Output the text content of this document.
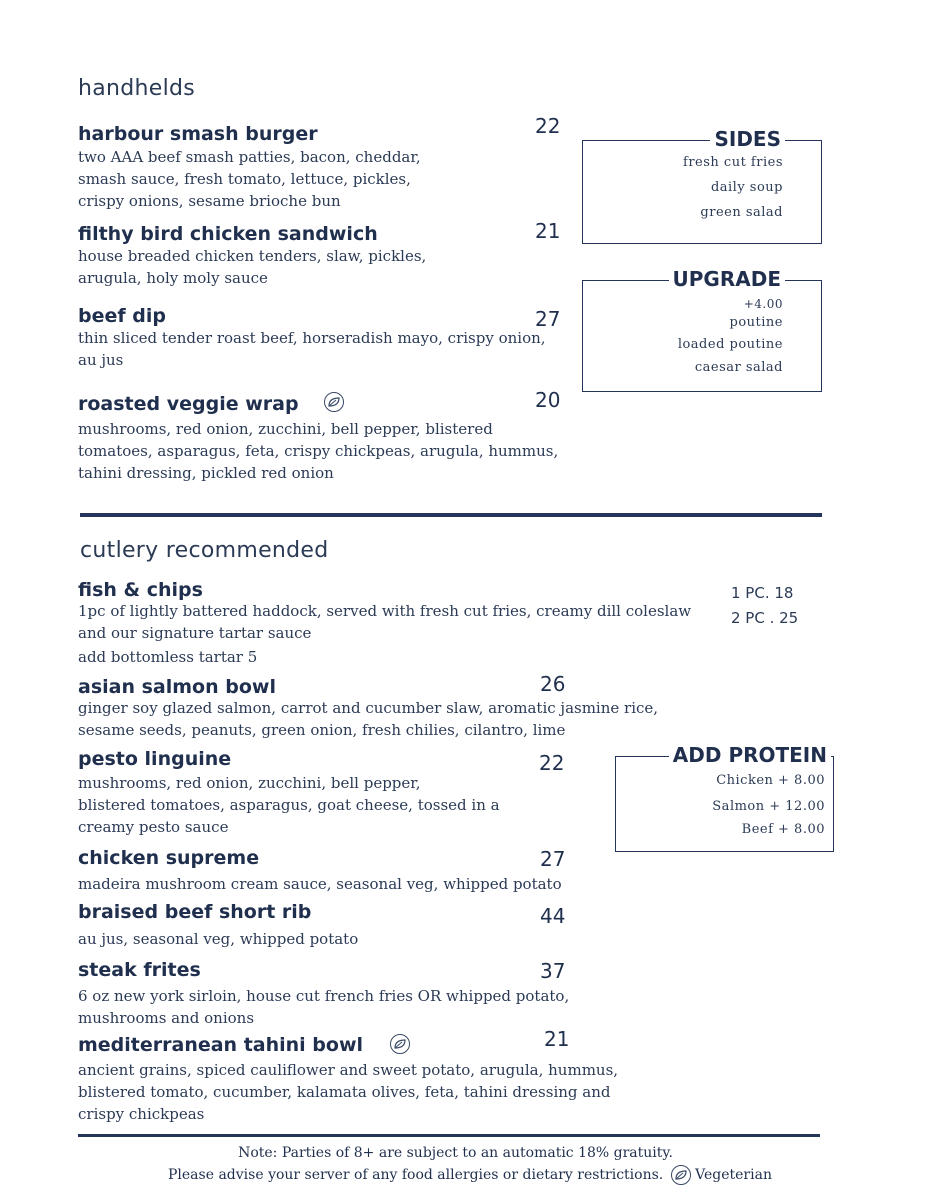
handhelds
harbour smash burger	22
two AAA beef smash patties, bacon, cheddar,
smash sauce, fresh tomato, lettuce, pickles,
crispy onions, sesame brioche bun
filthy bird chicken sandwich	21
house breaded chicken tenders, slaw, pickles,
arugula, holy moly sauce
beef dip	27
thin sliced tender roast beef, horseradish mayo, crispy onion,
au jus
roasted veggie wrap	20
mushrooms, red onion, zucchini, bell pepper, blistered
tomatoes, asparagus, feta, crispy chickpeas, arugula, hummus,
tahini dressing, pickled red onion
SIDES
fresh cut fries
daily soup
green salad
UPGRADE
+4.00
poutine
loaded poutine
caesar salad
cutlery recommended
fish & chips	1 PC. 18
2 PC . 25
1pc of lightly battered haddock, served with fresh cut fries, creamy dill coleslaw
and our signature tartar sauce
add bottomless tartar 5
asian salmon bowl	26
ginger soy glazed salmon, carrot and cucumber slaw, aromatic jasmine rice,
sesame seeds, peanuts, green onion, fresh chilies, cilantro, lime
pesto linguine	22
mushrooms, red onion, zucchini, bell pepper,
blistered tomatoes, asparagus, goat cheese, tossed in a
creamy pesto sauce
ADD PROTEIN
Chicken + 8.00
Salmon + 12.00
Beef + 8.00
chicken supreme	27
madeira mushroom cream sauce, seasonal veg, whipped potato
braised beef short rib	44
au jus, seasonal veg, whipped potato
steak frites	37
6 oz new york sirloin, house cut french fries OR whipped potato,
mushrooms and onions
mediterranean tahini bowl	21
ancient grains, spiced cauliflower and sweet potato, arugula, hummus,
blistered tomato, cucumber, kalamata olives, feta, tahini dressing and
crispy chickpeas
Note: Parties of 8+ are subject to an automatic 18% gratuity.
Please advise your server of any food allergies or dietary restrictions. Vegeterian
